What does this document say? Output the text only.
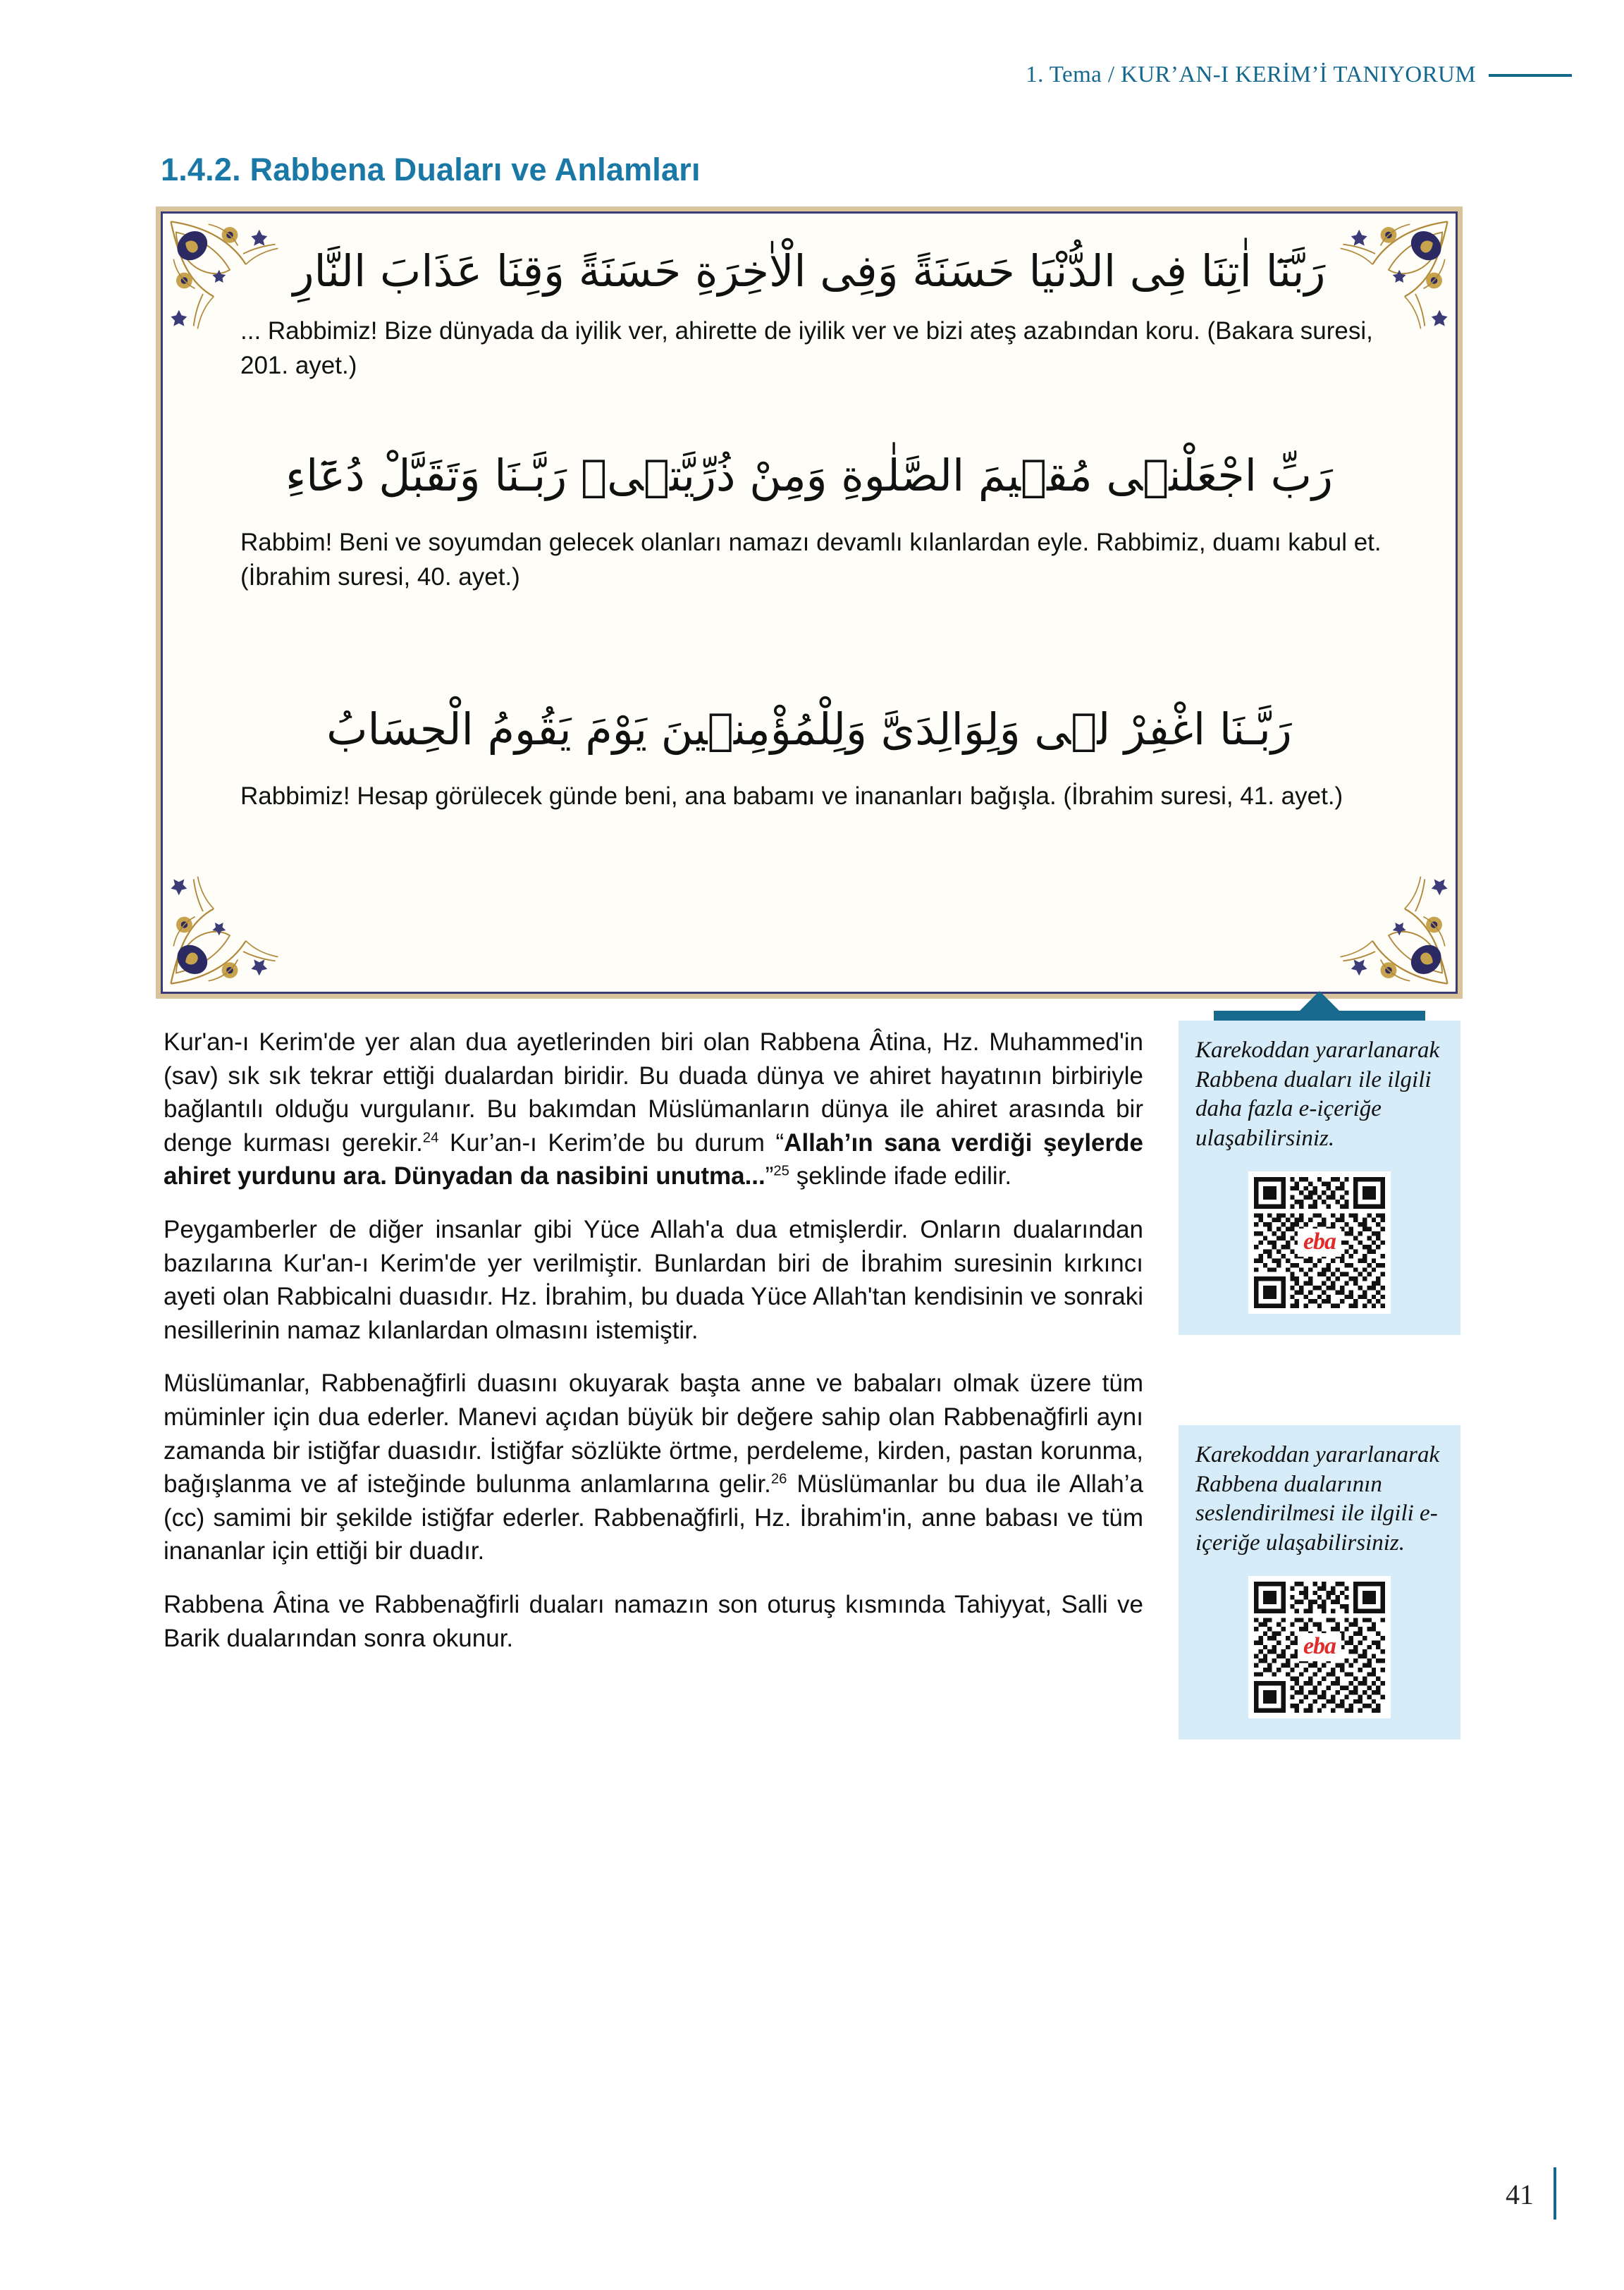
1. Tema / KUR’AN-I KERİM’İ TANIYORUM
1.4.2. Rabbena Duaları ve Anlamları
رَبَّنَٓا اٰتِنَا فِى الدُّنْيَا حَسَنَةً وَفِى الْاٰخِرَةِ حَسَنَةً وَقِنَا عَذَابَ النَّارِ
... Rabbimiz! Bize dünyada da iyilik ver, ahirette de iyilik ver ve bizi ateş azabından koru. (Bakara suresi, 201. ayet.)
رَبِّ اجْعَلْنٖى مُقٖيمَ الصَّلٰوةِ وَمِنْ ذُرِّيَّتٖىۗ رَبَّـنَا وَتَقَبَّلْ دُعَٓاءِ
Rabbim! Beni ve soyumdan gelecek olanları namazı devamlı kılanlardan eyle. Rabbimiz, duamı kabul et. (İbrahim suresi, 40. ayet.)
رَبَّـنَا اغْفِرْ لٖى وَلِوَالِدَىَّ وَلِلْمُؤْمِنٖينَ يَوْمَ يَقُومُ الْحِسَابُ
Rabbimiz! Hesap görülecek günde beni, ana babamı ve inananları bağışla. (İbrahim suresi, 41. ayet.)

Kur'an-ı Kerim'de yer alan dua ayetlerinden biri olan Rabbena Âtina, Hz. Muhammed'in (sav) sık sık tekrar ettiği dualardan biridir. Bu duada dünya ve ahiret hayatının birbiriyle bağlantılı olduğu vurgulanır. Bu bakımdan Müslümanların dünya ile ahiret arasında bir denge kurması gerekir.$^{24}$ Kur’an-ı Kerim’de bu durum “Allah’ın sana verdiği şeylerde ahiret yurdunu ara. Dünyadan da nasibini unutma...”$^{25}$ şeklinde ifade edilir.

Peygamberler de diğer insanlar gibi Yüce Allah'a dua etmişlerdir. Onların dualarından bazılarına Kur'an-ı Kerim'de yer verilmiştir. Bunlardan biri de İbrahim suresinin kırkıncı ayeti olan Rabbicalni duasıdır. Hz. İbrahim, bu duada Yüce Allah'tan kendisinin ve sonraki nesillerinin namaz kılanlardan olmasını istemiştir.

Müslümanlar, Rabbenağfirli duasını okuyarak başta anne ve babaları olmak üzere tüm müminler için dua ederler. Manevi açıdan büyük bir değere sahip olan Rabbenağfirli aynı zamanda bir istiğfar duasıdır. İstiğfar sözlükte örtme, perdeleme, kirden, pastan korunma, bağışlanma ve af isteğinde bulunma anlamlarına gelir.$^{26}$ Müslümanlar bu dua ile Allah’a (cc) samimi bir şekilde istiğfar ederler. Rabbenağfirli, Hz. İbrahim'in, anne babası ve tüm inananlar için ettiği bir duadır.

Rabbena Âtina ve Rabbenağfirli duaları namazın son oturuş kısmında Tahiyyat, Salli ve Barik dualarından sonra okunur.

Karekoddan yararlanarak Rabbena duaları ile ilgili daha fazla e-içeriğe ulaşabilirsiniz.
eba
Karekoddan yararlanarak Rabbena dualarının seslendirilmesi ile ilgili e-içeriğe ulaşabilirsiniz.
eba
41
